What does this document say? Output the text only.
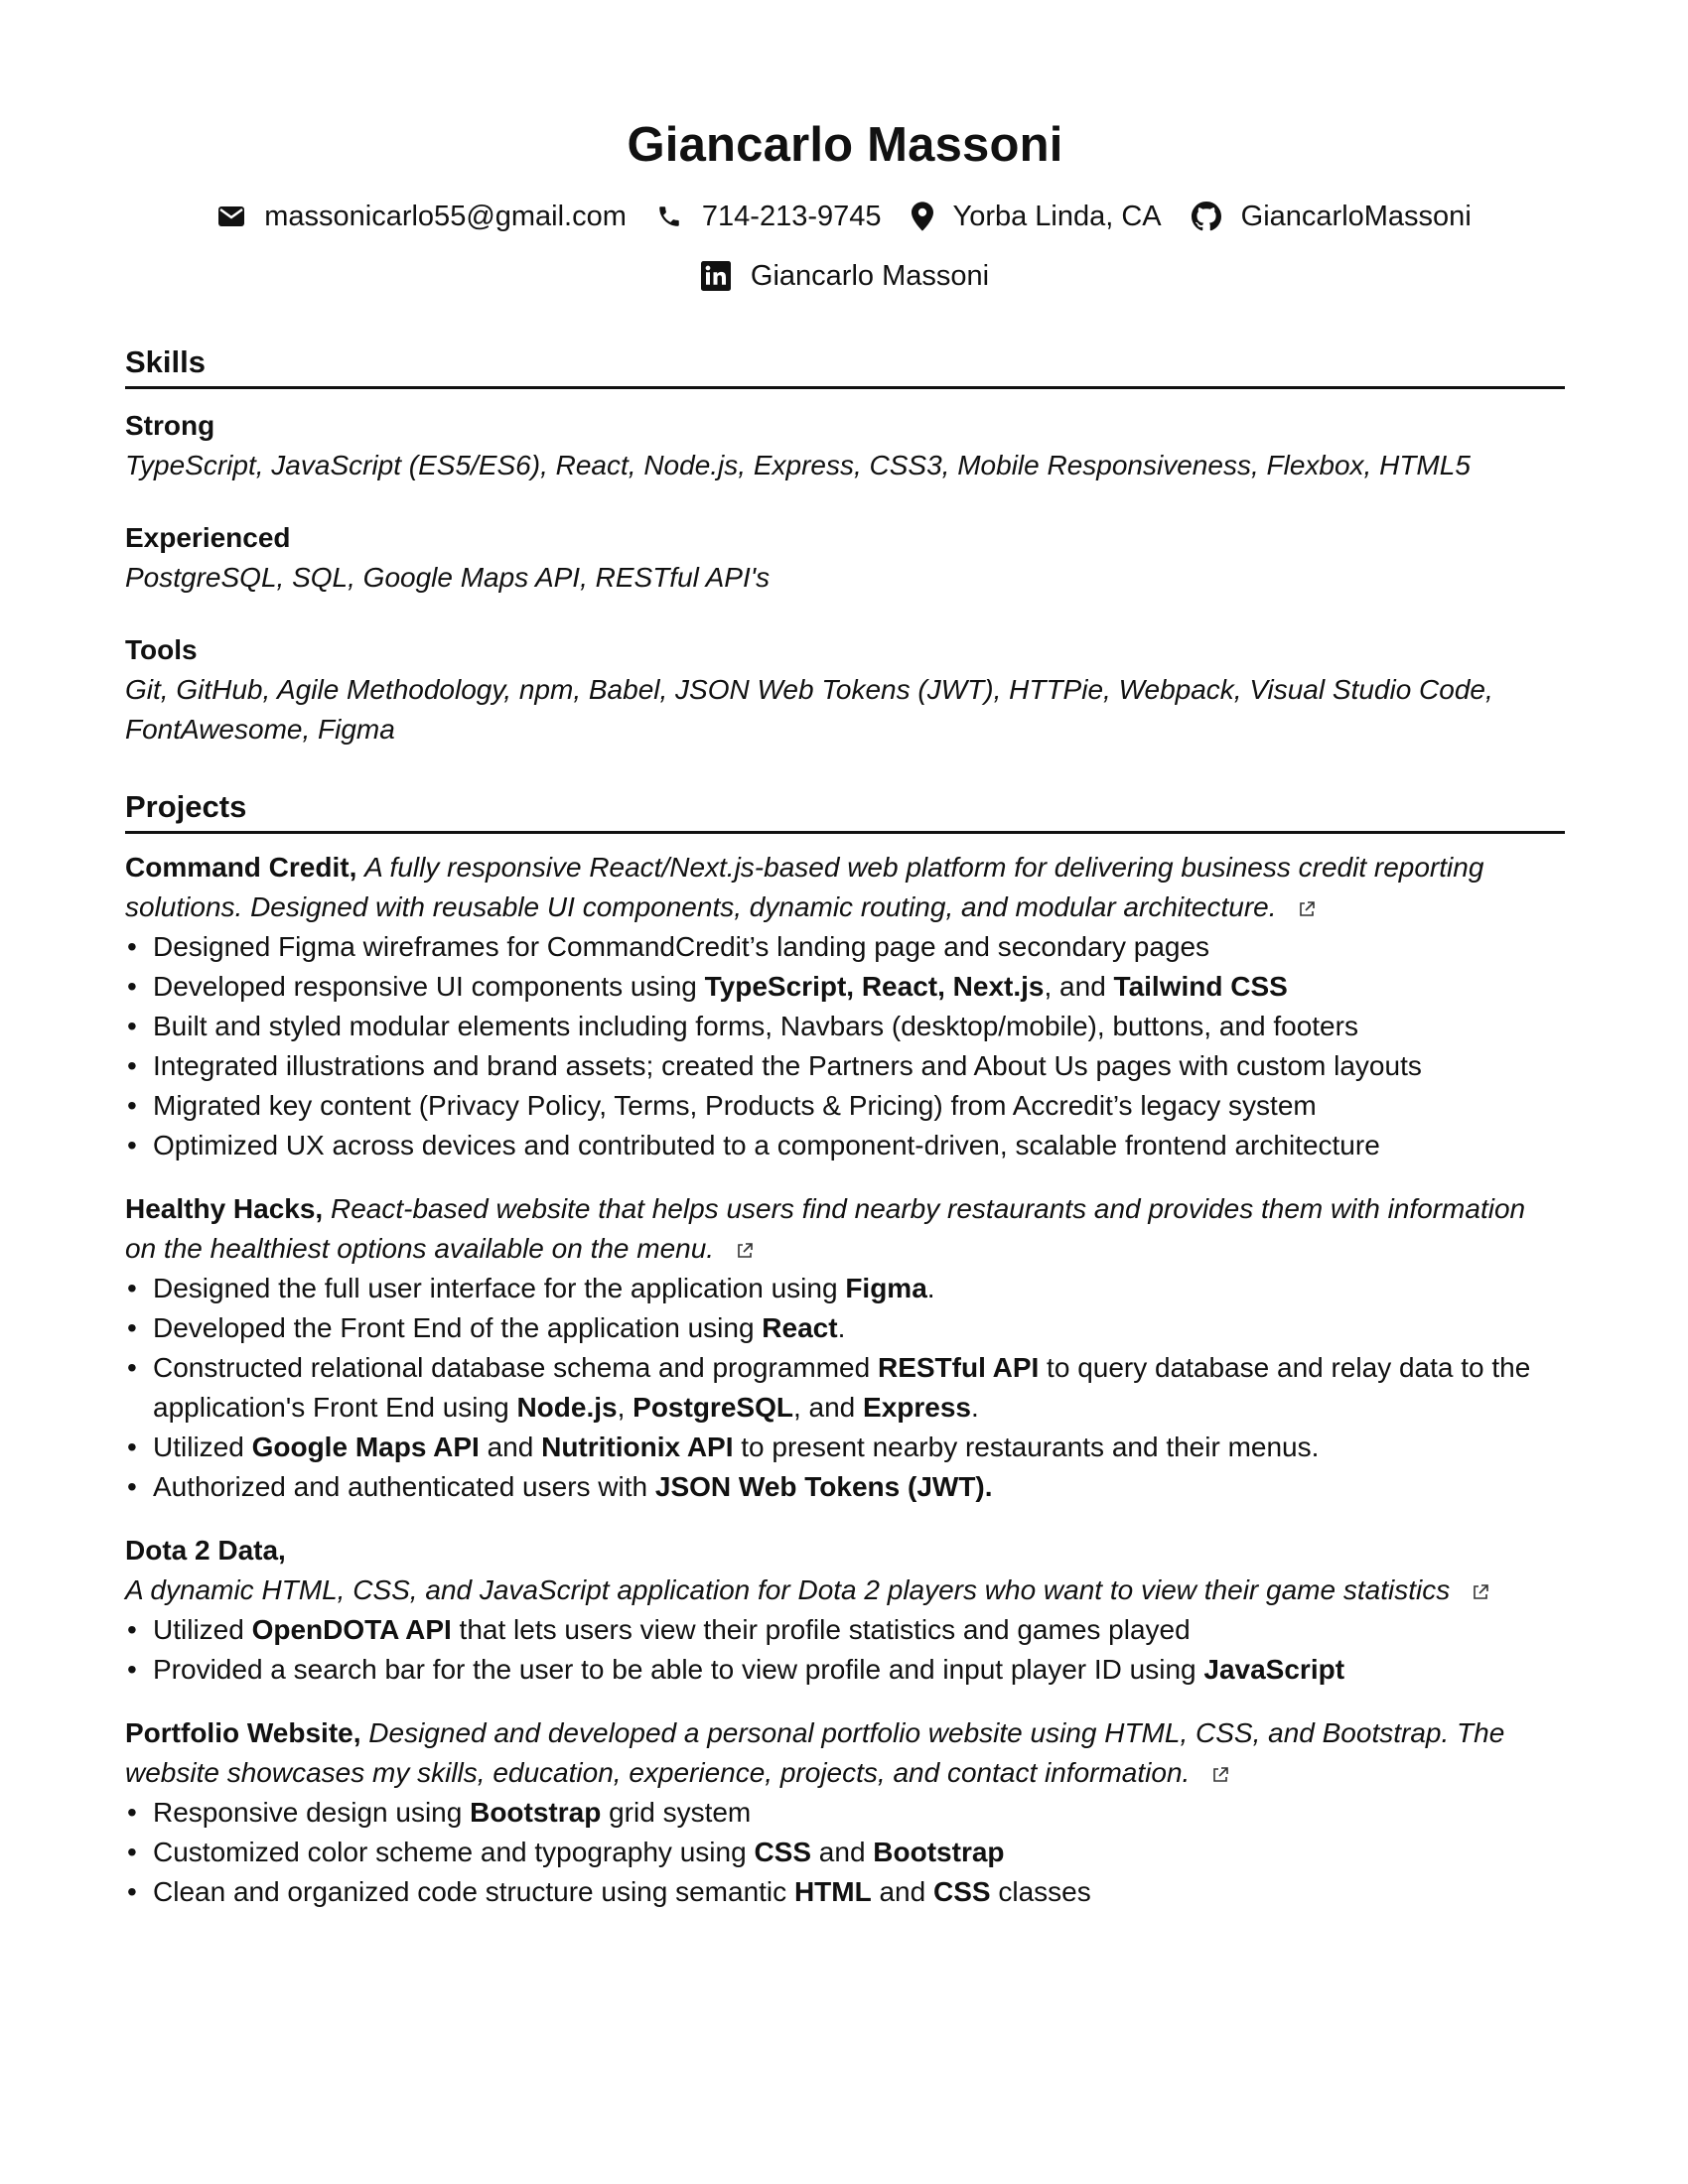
Giancarlo Massoni
massonicarlo55@gmail.com	714-213-9745 Yorba Linda, CA	GiancarloMassoni
Giancarlo Massoni
Skills
Strong
TypeScript, JavaScript (ES5/ES6), React, Node.js, Express, CSS3, Mobile Responsiveness, Flexbox, HTML5
Experienced
PostgreSQL, SQL, Google Maps API, RESTful API's
Tools
Git, GitHub, Agile Methodology, npm, Babel, JSON Web Tokens (JWT), HTTPie, Webpack, Visual Studio Code,
FontAwesome, Figma
Projects
Command Credit, A fully responsive React/Next.js-based web platform for delivering business credit reporting
solutions. Designed with reusable UI components, dynamic routing, and modular architecture.
• Designed Figma wireframes for CommandCredit’s landing page and secondary pages
• Developed responsive UI components using TypeScript, React, Next.js, and Tailwind CSS
• Built and styled modular elements including forms, Navbars (desktop/mobile), buttons, and footers
• Integrated illustrations and brand assets; created the Partners and About Us pages with custom layouts
• Migrated key content (Privacy Policy, Terms, Products & Pricing) from Accredit’s legacy system
• Optimized UX across devices and contributed to a component-driven, scalable frontend architecture
Healthy Hacks, React-based website that helps users find nearby restaurants and provides them with information
on the healthiest options available on the menu.
• Designed the full user interface for the application using Figma.
• Developed the Front End of the application using React.
• Constructed relational database schema and programmed RESTful API to query database and relay data to the
application's Front End using Node.js, PostgreSQL, and Express.
• Utilized Google Maps API and Nutritionix API to present nearby restaurants and their menus.
• Authorized and authenticated users with JSON Web Tokens (JWT).
Dota 2 Data,
A dynamic HTML, CSS, and JavaScript application for Dota 2 players who want to view their game statistics
• Utilized OpenDOTA API that lets users view their profile statistics and games played
• Provided a search bar for the user to be able to view profile and input player ID using JavaScript
Portfolio Website, Designed and developed a personal portfolio website using HTML, CSS, and Bootstrap. The
website showcases my skills, education, experience, projects, and contact information.
• Responsive design using Bootstrap grid system
• Customized color scheme and typography using CSS and Bootstrap
• Clean and organized code structure using semantic HTML and CSS classes
